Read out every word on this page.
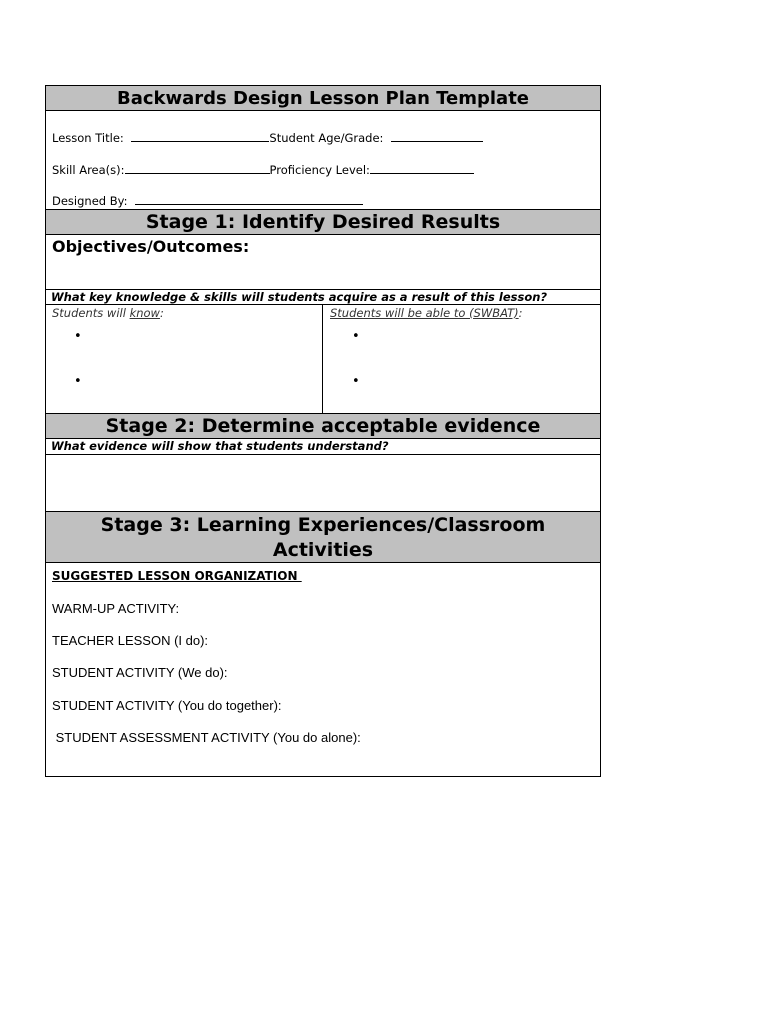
Backwards Design Lesson Plan Template
Lesson Title:	Student Age/Grade:
Skill Area(s):	Proficiency Level:
Designed By:
Stage 1: Identify Desired Results
Objectives/Outcomes:
What key knowledge & skills will students acquire as a result of this lesson?
Students will know:	Students will be able to (SWBAT):
•
•
•
•
Stage 2: Determine acceptable evidence
What evidence will show that students understand?
Stage 3: Learning Experiences/Classroom
Activities
SUGGESTED LESSON ORGANIZATION
WARM-UP ACTIVITY:
TEACHER LESSON (I do):
STUDENT ACTIVITY (We do):
STUDENT ACTIVITY (You do together):
STUDENT ASSESSMENT ACTIVITY (You do alone):
